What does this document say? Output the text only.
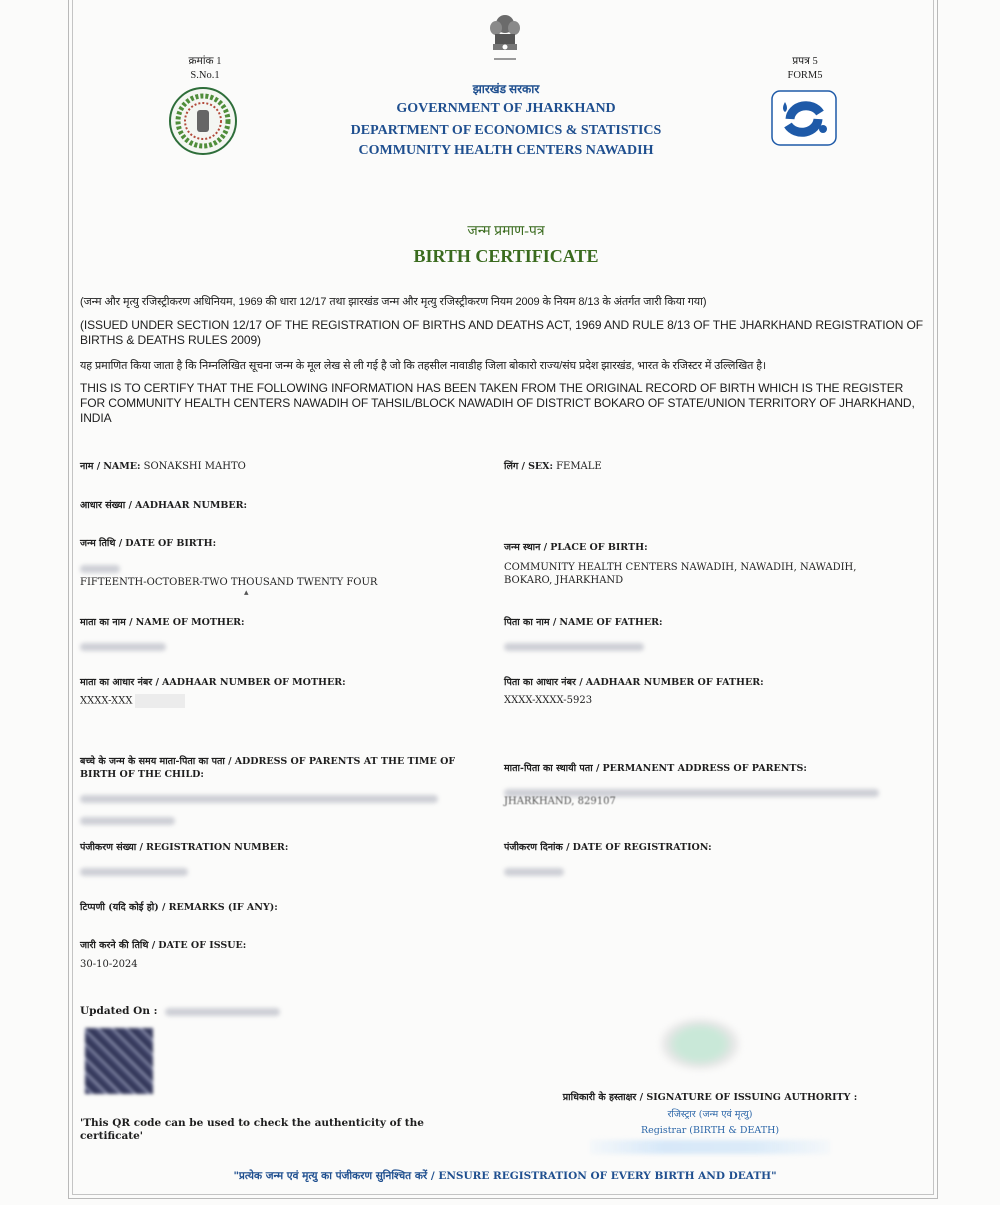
क्रमांक 1
S.No.1
प्रपत्र 5
FORM5
झारखंड सरकार
GOVERNMENT OF JHARKHAND
DEPARTMENT OF ECONOMICS & STATISTICS
COMMUNITY HEALTH CENTERS NAWADIH
जन्म प्रमाण-पत्र
BIRTH CERTIFICATE
(जन्म और मृत्यु रजिस्ट्रीकरण अधिनियम, 1969 की धारा 12/17 तथा झारखंड जन्म और मृत्यु रजिस्ट्रीकरण नियम 2009 के नियम 8/13 के अंतर्गत जारी किया गया)
(ISSUED UNDER SECTION 12/17 OF THE REGISTRATION OF BIRTHS AND DEATHS ACT, 1969 AND RULE 8/13 OF THE JHARKHAND REGISTRATION OF BIRTHS & DEATHS RULES 2009)
यह प्रमाणित किया जाता है कि निम्नलिखित सूचना जन्म के मूल लेख से ली गई है जो कि तहसील नावाडीह जिला बोकारो राज्य/संघ प्रदेश झारखंड, भारत के रजिस्टर में उल्लिखित है।
THIS IS TO CERTIFY THAT THE FOLLOWING INFORMATION HAS BEEN TAKEN FROM THE ORIGINAL RECORD OF BIRTH WHICH IS THE REGISTER FOR COMMUNITY HEALTH CENTERS NAWADIH OF TAHSIL/BLOCK NAWADIH OF DISTRICT BOKARO OF STATE/UNION TERRITORY OF JHARKHAND, INDIA
नाम / NAME: SONAKSHI MAHTO
आधार संख्या / AADHAAR NUMBER:
जन्म तिथि / DATE OF BIRTH:
FIFTEENTH-OCTOBER-TWO THOUSAND TWENTY FOUR
▴
माता का नाम / NAME OF MOTHER:
माता का आधार नंबर / AADHAAR NUMBER OF MOTHER:
XXXX-XXX
बच्चे के जन्म के समय माता-पिता का पता / ADDRESS OF PARENTS AT THE TIME OF BIRTH OF THE CHILD:

पंजीकरण संख्या / REGISTRATION NUMBER:
टिप्पणी (यदि कोई हो) / REMARKS (IF ANY):
जारी करने की तिथि / DATE OF ISSUE:
30-10-2024
Updated On :
लिंग / SEX: FEMALE
जन्म स्थान / PLACE OF BIRTH:
COMMUNITY HEALTH CENTERS NAWADIH, NAWADIH, NAWADIH, BOKARO, JHARKHAND
पिता का नाम / NAME OF FATHER:
पिता का आधार नंबर / AADHAAR NUMBER OF FATHER:
XXXX-XXXX-5923
माता-पिता का स्थायी पता / PERMANENT ADDRESS OF PARENTS:
JHARKHAND, 829107
पंजीकरण दिनांक / DATE OF REGISTRATION:
'This QR code can be used to check the authenticity of the certificate'
प्राधिकारी के हस्ताक्षर / SIGNATURE OF ISSUING AUTHORITY :
रजिस्ट्रार (जन्म एवं मृत्यु)
Registrar (BIRTH & DEATH)
"प्रत्येक जन्म एवं मृत्यु का पंजीकरण सुनिश्चित करें / ENSURE REGISTRATION OF EVERY BIRTH AND DEATH"
